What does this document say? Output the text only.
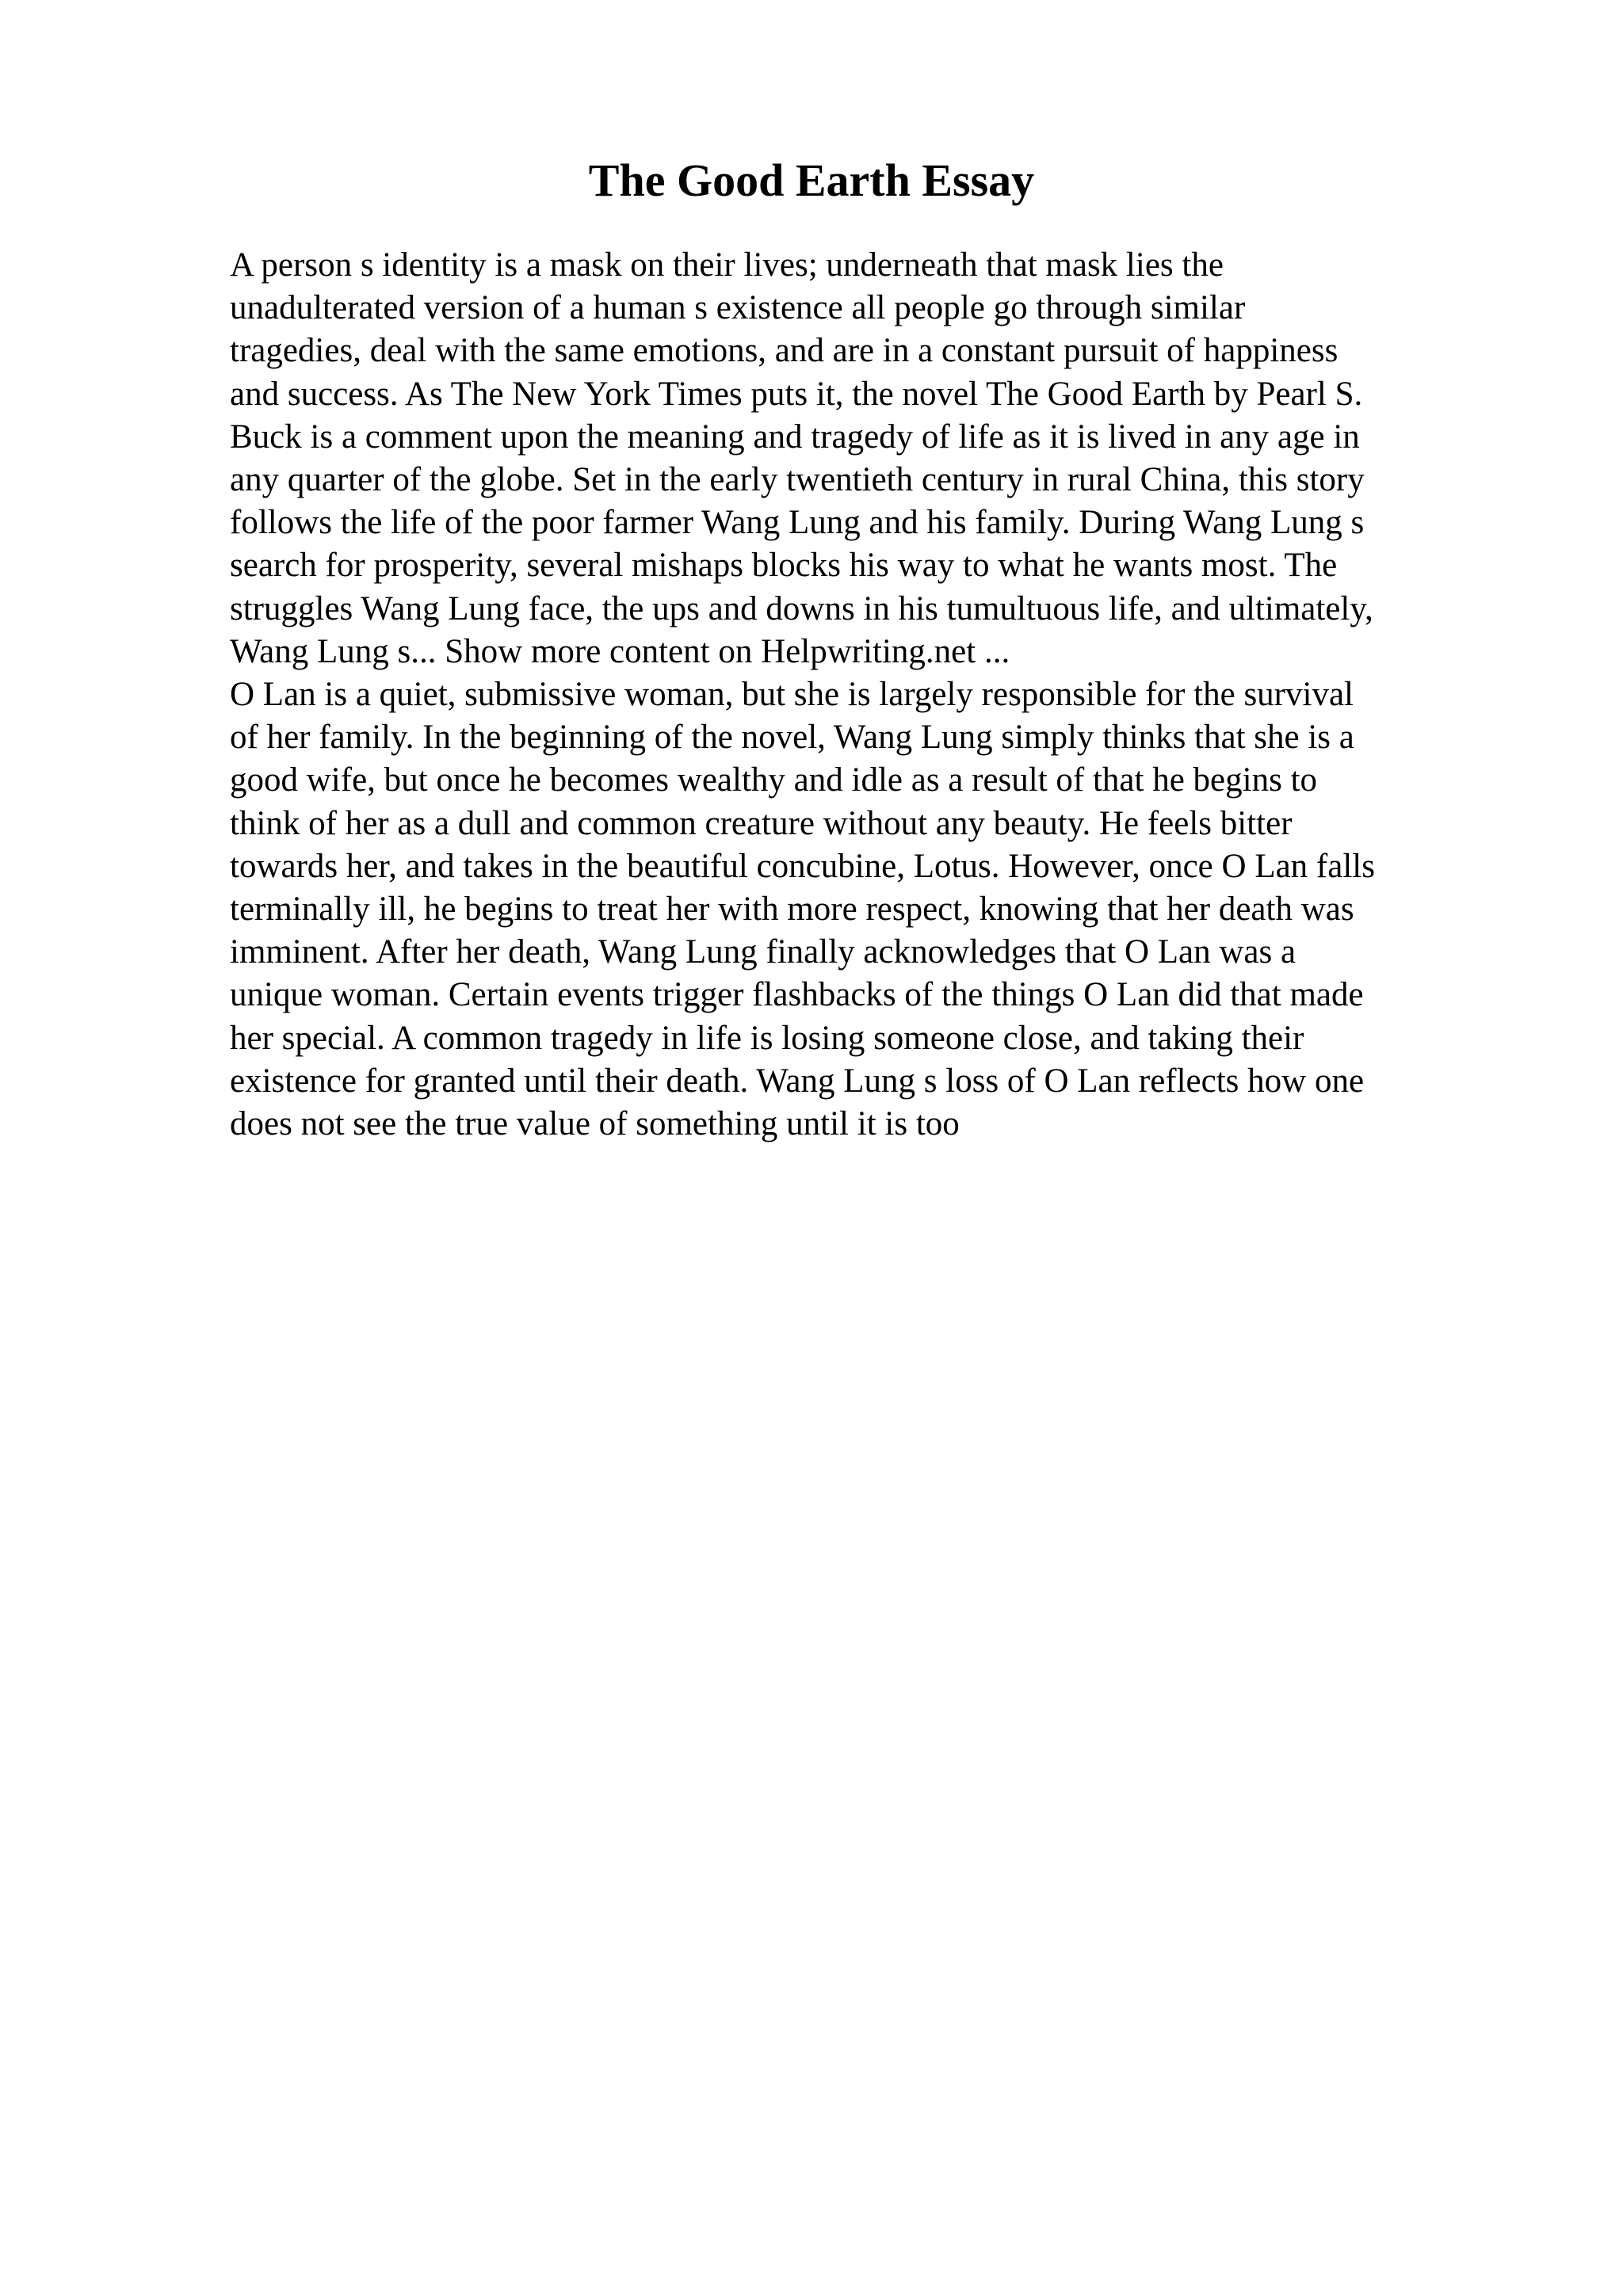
The Good Earth Essay
A person s identity is a mask on their lives; underneath that mask lies the
unadulterated version of a human s existence all people go through similar
tragedies, deal with the same emotions, and are in a constant pursuit of happiness
and success. As The New York Times puts it, the novel The Good Earth by Pearl S.
Buck is a comment upon the meaning and tragedy of life as it is lived in any age in
any quarter of the globe. Set in the early twentieth century in rural China, this story
follows the life of the poor farmer Wang Lung and his family. During Wang Lung s
search for prosperity, several mishaps blocks his way to what he wants most. The
struggles Wang Lung face, the ups and downs in his tumultuous life, and ultimately,
Wang Lung s... Show more content on Helpwriting.net ...
O Lan is a quiet, submissive woman, but she is largely responsible for the survival
of her family. In the beginning of the novel, Wang Lung simply thinks that she is a
good wife, but once he becomes wealthy and idle as a result of that he begins to
think of her as a dull and common creature without any beauty. He feels bitter
towards her, and takes in the beautiful concubine, Lotus. However, once O Lan falls
terminally ill, he begins to treat her with more respect, knowing that her death was
imminent. After her death, Wang Lung finally acknowledges that O Lan was a
unique woman. Certain events trigger flashbacks of the things O Lan did that made
her special. A common tragedy in life is losing someone close, and taking their
existence for granted until their death. Wang Lung s loss of O Lan reflects how one
does not see the true value of something until it is too
